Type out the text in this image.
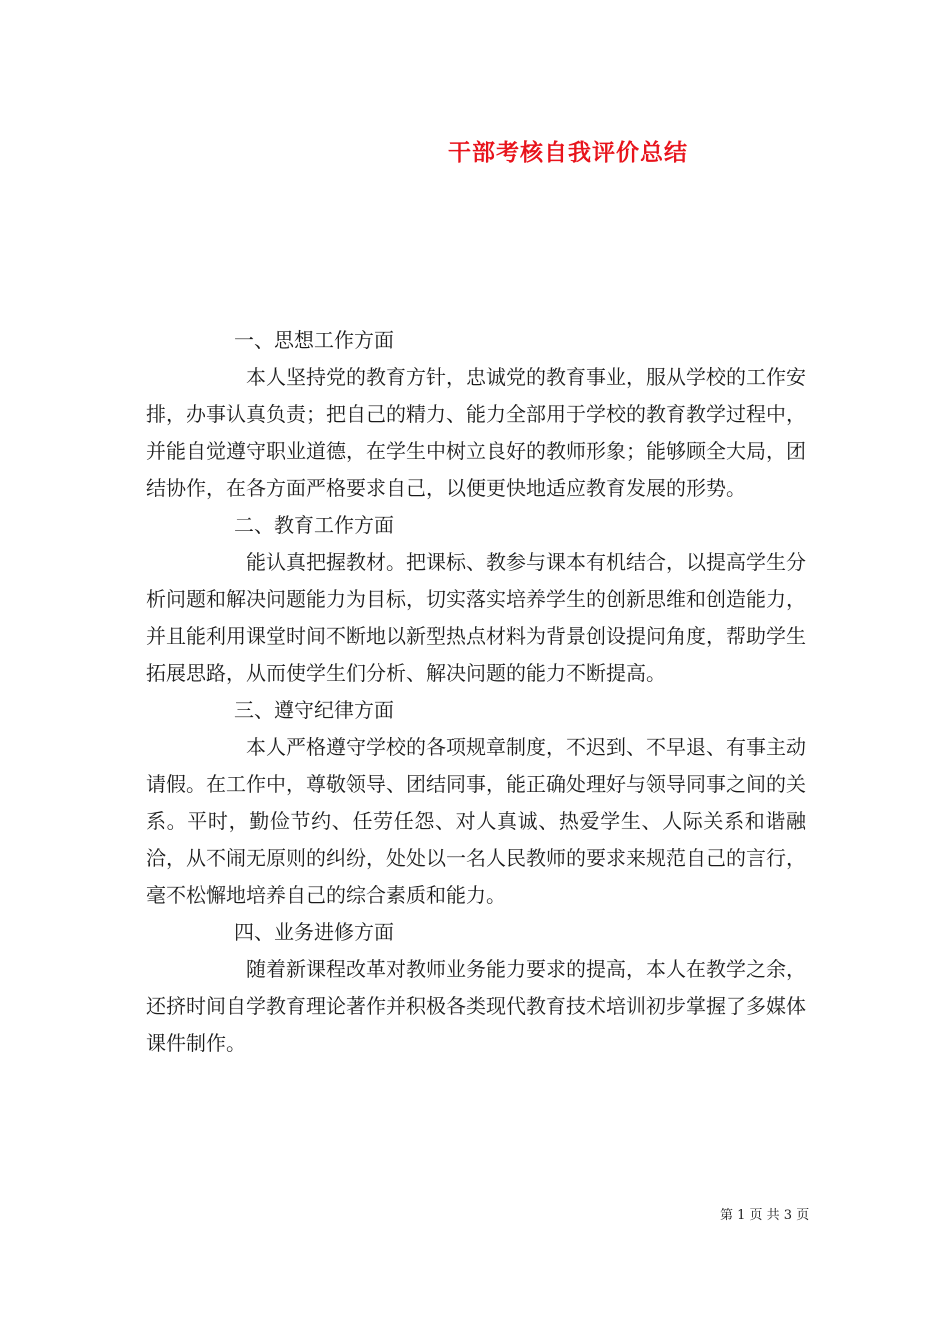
干部考核自我评价总结

一、思想工作方面

本人坚持党的教育方针，忠诚党的教育事业，服从学校的工作安排，办事认真负责；把自己的精力、能力全部用于学校的教育教学过程中，并能自觉遵守职业道德，在学生中树立良好的教师形象；能够顾全大局，团结协作，在各方面严格要求自己，以便更快地适应教育发展的形势。

二、教育工作方面

能认真把握教材。把课标、教参与课本有机结合，以提高学生分析问题和解决问题能力为目标，切实落实培养学生的创新思维和创造能力，并且能利用课堂时间不断地以新型热点材料为背景创设提问角度，帮助学生拓展思路，从而使学生们分析、解决问题的能力不断提高。

三、遵守纪律方面

本人严格遵守学校的各项规章制度，不迟到、不早退、有事主动请假。在工作中，尊敬领导、团结同事，能正确处理好与领导同事之间的关系。平时，勤俭节约、任劳任怨、对人真诚、热爱学生、人际关系和谐融洽，从不闹无原则的纠纷，处处以一名人民教师的要求来规范自己的言行，毫不松懈地培养自己的综合素质和能力。

四、业务进修方面

随着新课程改革对教师业务能力要求的提高，本人在教学之余，还挤时间自学教育理论著作并积极各类现代教育技术培训初步掌握了多媒体课件制作。

第 1 页 共 3 页
